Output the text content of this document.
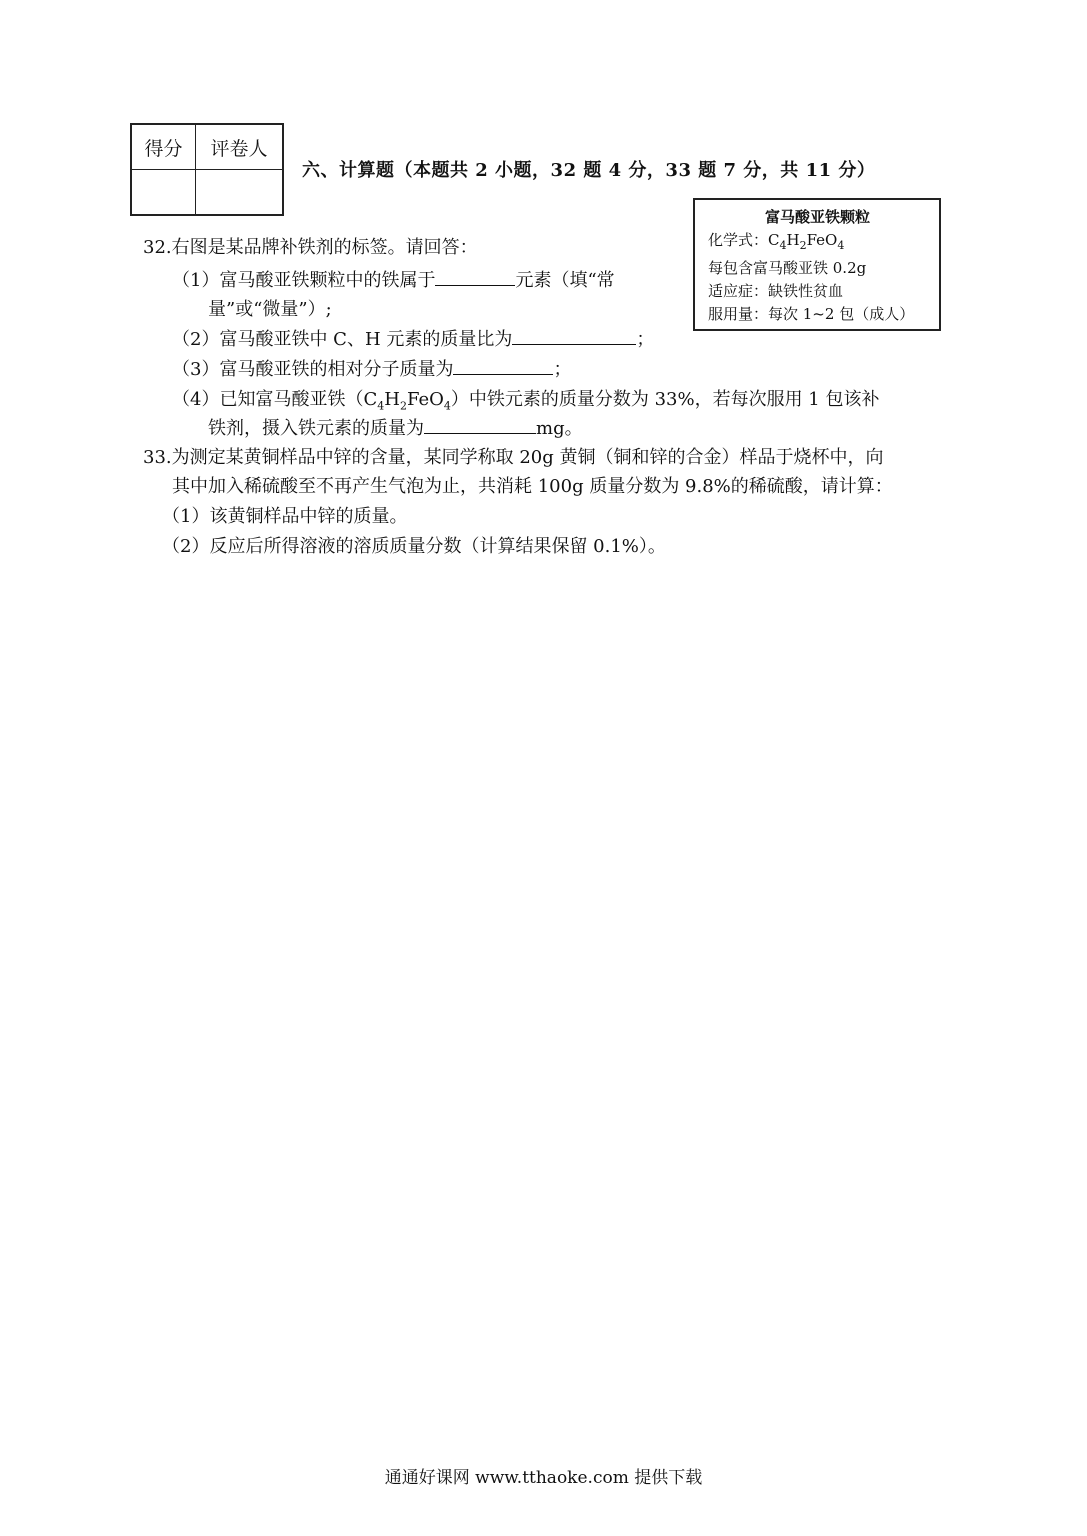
得分	评卷人

六、计算题（本题共 2 小题，32 题 4 分，33 题 7 分，共 11 分）
富马酸亚铁颗粒
化学式：$C_4H_2FeO_4$
每包含富马酸亚铁 0.2g
适应症：缺铁性贫血
服用量：每次 1~2 包（成人）
32.右图是某品牌补铁剂的标签。请回答：
（1）富马酸亚铁颗粒中的铁属于	元素（填“常
量”或“微量”）;
（2）富马酸亚铁中 C、H 元素的质量比为	；
（3）富马酸亚铁的相对分子质量为	；
（4）已知富马酸亚铁$(C_4H_2FeO_4)$中铁元素的质量分数为 33%，若每次服用 1 包该补
铁剂，摄入铁元素的质量为	mg。
33.为测定某黄铜样品中锌的含量，某同学称取 20g 黄铜（铜和锌的合金）样品于烧杯中，向
其中加入稀硫酸至不再产生气泡为止，共消耗 100g 质量分数为 9.8%的稀硫酸，请计算：
（1）该黄铜样品中锌的质量。
（2）反应后所得溶液的溶质质量分数（计算结果保留 0.1%）。
通通好课网 www.tthaoke.com 提供下载
